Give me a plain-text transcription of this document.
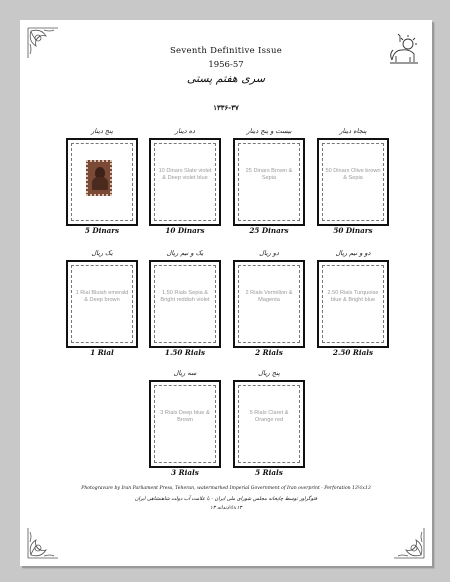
Seventh Definitive Issue
1956-57
سری هفتم پستی
۱۳۳۶-۳۷
پنج دینار
5 Dinars
ده دینار
10 Dinars Slate violet & Deep violet blue
10 Dinars
بیست و پنج دینار
25 Dinars Brown & Sepia
25 Dinars
پنجاه دینار
50 Dinars Olive brown & Sepia
50 Dinars
یک ریال
1 Rial Bluish emerald & Deep brown
1 Rial
یک و نیم ریال
1.50 Rials Sepia & Bright reddish violet
1.50 Rials
دو ریال
2 Rials Vermilion & Magenta
2 Rials
دو و نیم ریال
2.50 Rials Turquoise blue & Bright blue
2.50 Rials
سه ریال
3 Rials Deep blue & Brown
3 Rials
پنج ریال
5 Rials Claret & Orange red
5 Rials
Photogravure by Iran Parliament Press, Teheran, watermarked Imperial Government of Iran overprint - Perforation 13½x13
فتوگراور توسط چاپخانه مجلس شورای ملی ایران - با علامت آب دولت شاهنشاهی ایران
دندانه ۱۳½x۱۳
